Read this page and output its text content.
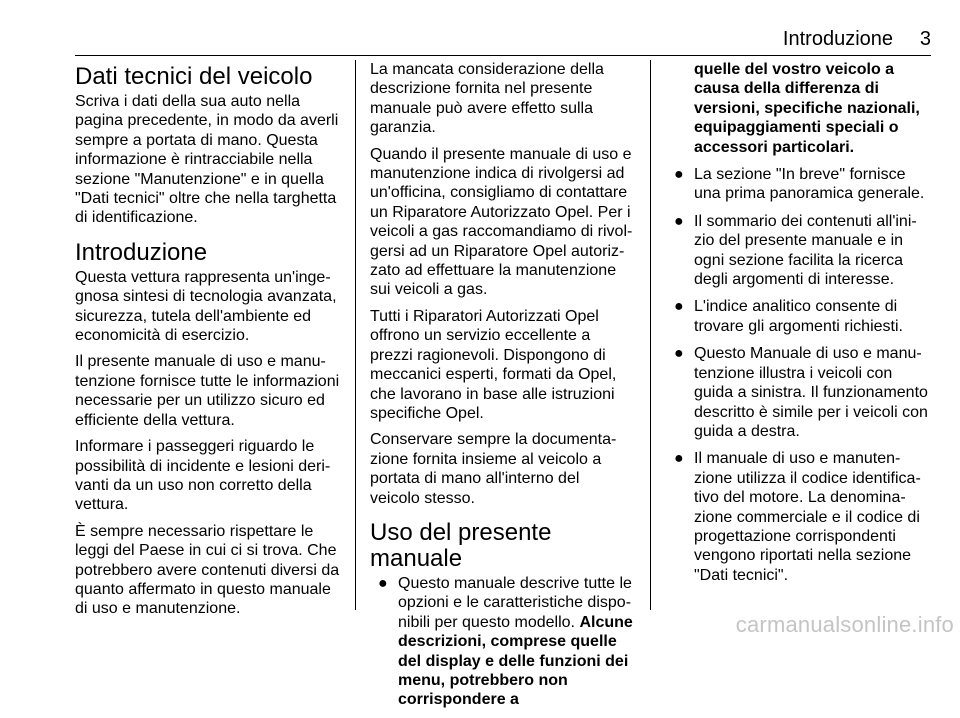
Introduzione 3
Dati tecnici del veicolo

Scriva i dati della sua auto nella pagina precedente, in modo da averli sempre a portata di mano. Questa informazione è rintracciabile nella sezione "Manutenzione" e in quella "Dati tecnici" oltre che nella targhetta di identificazione.

Introduzione

Questa vettura rappresenta un'ingegnosa sintesi di tecnologia avanzata, sicurezza, tutela dell'ambiente ed economicità di esercizio.

Il presente manuale di uso e manutenzione fornisce tutte le informazioni necessarie per un utilizzo sicuro ed efficiente della vettura.

Informare i passeggeri riguardo le possibilità di incidente e lesioni derivanti da un uso non corretto della vettura.

È sempre necessario rispettare le leggi del Paese in cui ci si trova. Che potrebbero avere contenuti diversi da quanto affermato in questo manuale di uso e manutenzione.

La mancata considerazione della descrizione fornita nel presente manuale può avere effetto sulla garanzia.

Quando il presente manuale di uso e manutenzione indica di rivolgersi ad un'officina, consigliamo di contattare un Riparatore Autorizzato Opel. Per i veicoli a gas raccomandiamo di rivolgersi ad un Riparatore Opel autorizzato ad effettuare la manutenzione sui veicoli a gas.

Tutti i Riparatori Autorizzati Opel offrono un servizio eccellente a prezzi ragionevoli. Dispongono di meccanici esperti, formati da Opel, che lavorano in base alle istruzioni specifiche Opel.

Conservare sempre la documentazione fornita insieme al veicolo a portata di mano all'interno del veicolo stesso.

Uso del presente manuale
● Questo manuale descrive tutte le opzioni e le caratteristiche disponibili per questo modello. Alcune descrizioni, comprese quelle del display e delle funzioni dei menu, potrebbero non corrispondere a
quelle del vostro veicolo a causa della differenza di versioni, specifiche nazionali, equipaggiamenti speciali o accessori particolari.
● La sezione "In breve" fornisce una prima panoramica generale.
● Il sommario dei contenuti all'inizio del presente manuale e in ogni sezione facilita la ricerca degli argomenti di interesse.
● L'indice analitico consente di trovare gli argomenti richiesti.
● Questo Manuale di uso e manutenzione illustra i veicoli con guida a sinistra. Il funzionamento descritto è simile per i veicoli con guida a destra.
● Il manuale di uso e manutenzione utilizza il codice identificativo del motore. La denominazione commerciale e il codice di progettazione corrispondenti vengono riportati nella sezione "Dati tecnici".
carmanualsonline.info
